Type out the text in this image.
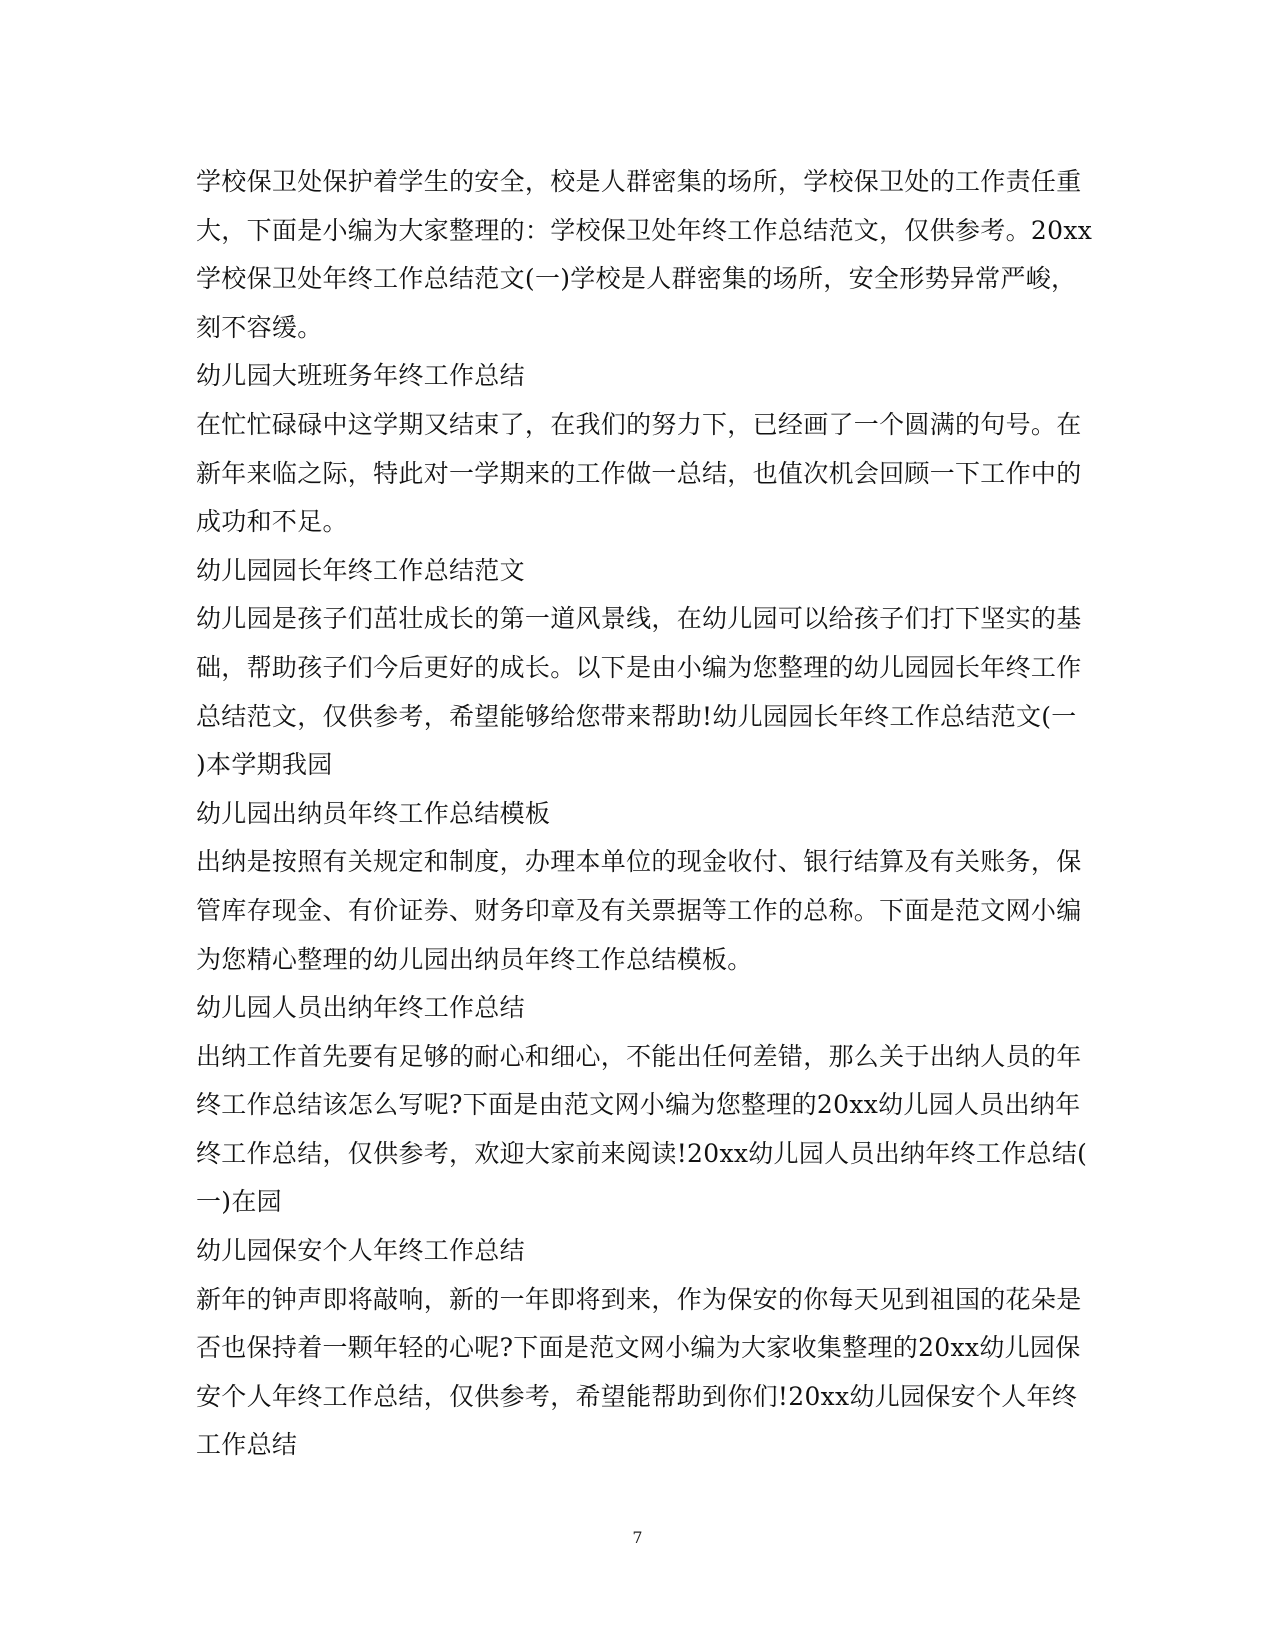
学校保卫处保护着学生的安全，校是人群密集的场所，学校保卫处的工作责任重
大，下面是小编为大家整理的：学校保卫处年终工作总结范文，仅供参考。20xx
学校保卫处年终工作总结范文(一)学校是人群密集的场所，安全形势异常严峻，
刻不容缓。
幼儿园大班班务年终工作总结
在忙忙碌碌中这学期又结束了，在我们的努力下，已经画了一个圆满的句号。在
新年来临之际，特此对一学期来的工作做一总结，也值次机会回顾一下工作中的
成功和不足。
幼儿园园长年终工作总结范文
幼儿园是孩子们茁壮成长的第一道风景线，在幼儿园可以给孩子们打下坚实的基
础，帮助孩子们今后更好的成长。以下是由小编为您整理的幼儿园园长年终工作
总结范文，仅供参考，希望能够给您带来帮助!幼儿园园长年终工作总结范文(一
)本学期我园
幼儿园出纳员年终工作总结模板
出纳是按照有关规定和制度，办理本单位的现金收付、银行结算及有关账务，保
管库存现金、有价证券、财务印章及有关票据等工作的总称。下面是范文网小编
为您精心整理的幼儿园出纳员年终工作总结模板。
幼儿园人员出纳年终工作总结
出纳工作首先要有足够的耐心和细心，不能出任何差错，那么关于出纳人员的年
终工作总结该怎么写呢?下面是由范文网小编为您整理的20xx幼儿园人员出纳年
终工作总结，仅供参考，欢迎大家前来阅读!20xx幼儿园人员出纳年终工作总结(
一)在园
幼儿园保安个人年终工作总结
新年的钟声即将敲响，新的一年即将到来，作为保安的你每天见到祖国的花朵是
否也保持着一颗年轻的心呢?下面是范文网小编为大家收集整理的20xx幼儿园保
安个人年终工作总结，仅供参考，希望能帮助到你们!20xx幼儿园保安个人年终
工作总结
7
